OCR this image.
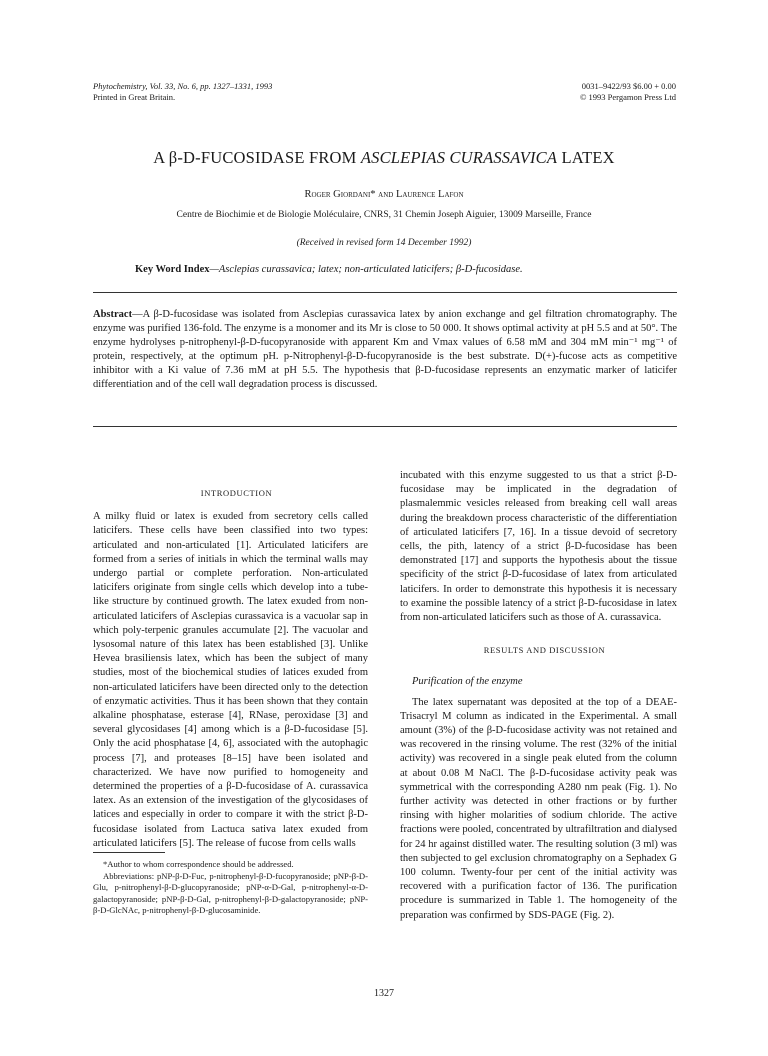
Phytochemistry, Vol. 33, No. 6, pp. 1327–1331, 1993
Printed in Great Britain.
0031–9422/93 $6.00 + 0.00
© 1993 Pergamon Press Ltd
A β-D-FUCOSIDASE FROM ASCLEPIAS CURASSAVICA LATEX
Roger Giordani* and Laurence Lafon
Centre de Biochimie et de Biologie Moléculaire, CNRS, 31 Chemin Joseph Aiguier, 13009 Marseille, France
(Received in revised form 14 December 1992)
Key Word Index—Asclepias curassavica; latex; non-articulated laticifers; β-D-fucosidase.
Abstract—A β-D-fucosidase was isolated from Asclepias curassavica latex by anion exchange and gel filtration chromatography. The enzyme was purified 136-fold. The enzyme is a monomer and its Mr is close to 50 000. It shows optimal activity at pH 5.5 and at 50°. The enzyme hydrolyses p-nitrophenyl-β-D-fucopyranoside with apparent Km and Vmax values of 6.58 mM and 304 mM min⁻¹ mg⁻¹ of protein, respectively, at the optimum pH. p-Nitrophenyl-β-D-fucopyranoside is the best substrate. D(+)-fucose acts as competitive inhibitor with a Ki value of 7.36 mM at pH 5.5. The hypothesis that β-D-fucosidase represents an enzymatic marker of laticifer differentiation and of the cell wall degradation process is discussed.

INTRODUCTION

A milky fluid or latex is exuded from secretory cells called laticifers. These cells have been classified into two types: articulated and non-articulated [1]. Articulated laticifers are formed from a series of initials in which the terminal walls may undergo partial or complete perforation. Non-articulated laticifers originate from single cells which develop into a tube-like structure by continued growth. The latex exuded from non-articulated laticifers of Asclepias curassavica is a vacuolar sap in which poly-terpenic granules accumulate [2]. The vacuolar and lysosomal nature of this latex has been established [3]. Unlike Hevea brasiliensis latex, which has been the subject of many studies, most of the biochemical studies of latices exuded from non-articulated laticifers have been directed only to the detection of enzymatic activities. Thus it has been shown that they contain alkaline phosphatase, esterase [4], RNase, peroxidase [3] and several glycosidases [4] among which is a β-D-fucosidase [5]. Only the acid phosphatase [4, 6], associated with the autophagic process [7], and proteases [8–15] have been isolated and characterized. We have now purified to homogeneity and determined the properties of a β-D-fucosidase of A. curassavica latex. As an extension of the investigation of the glycosidases of latices and especially in order to compare it with the strict β-D-fucosidase isolated from Lactuca sativa latex exuded from articulated laticifers [5]. The release of fucose from cells walls

*Author to whom correspondence should be addressed.

Abbreviations: pNP-β-D-Fuc, p-nitrophenyl-β-D-fucopyranoside; pNP-β-D-Glu, p-nitrophenyl-β-D-glucopyranoside; pNP-α-D-Gal, p-nitrophenyl-α-D-galactopyranoside; pNP-β-D-Gal, p-nitrophenyl-β-D-galactopyranoside; pNP-β-D-GlcNAc, p-nitrophenyl-β-D-glucosaminide.

incubated with this enzyme suggested to us that a strict β-D-fucosidase may be implicated in the degradation of plasmalemmic vesicles released from breaking cell wall areas during the breakdown process characteristic of the differentiation of articulated laticifers [7, 16]. In a tissue devoid of secretory cells, the pith, latency of a strict β-D-fucosidase has been demonstrated [17] and supports the hypothesis about the tissue specificity of the strict β-D-fucosidase of latex from articulated laticifers. In order to demonstrate this hypothesis it is necessary to examine the possible latency of a strict β-D-fucosidase in latex from non-articulated laticifers such as those of A. curassavica.

RESULTS AND DISCUSSION

Purification of the enzyme

The latex supernatant was deposited at the top of a DEAE-Trisacryl M column as indicated in the Experimental. A small amount (3%) of the β-D-fucosidase activity was not retained and was recovered in the rinsing volume. The rest (32% of the initial activity) was recovered in a single peak eluted from the column at about 0.08 M NaCl. The β-D-fucosidase activity peak was symmetrical with the corresponding A280 nm peak (Fig. 1). No further activity was detected in other fractions or by further rinsing with higher molarities of sodium chloride. The active fractions were pooled, concentrated by ultrafiltration and dialysed for 24 hr against distilled water. The resulting solution (3 ml) was then subjected to gel exclusion chromatography on a Sephadex G 100 column. Twenty-four per cent of the initial activity was recovered with a purification factor of 136. The purification procedure is summarized in Table 1. The homogeneity of the preparation was confirmed by SDS-PAGE (Fig. 2).

1327
